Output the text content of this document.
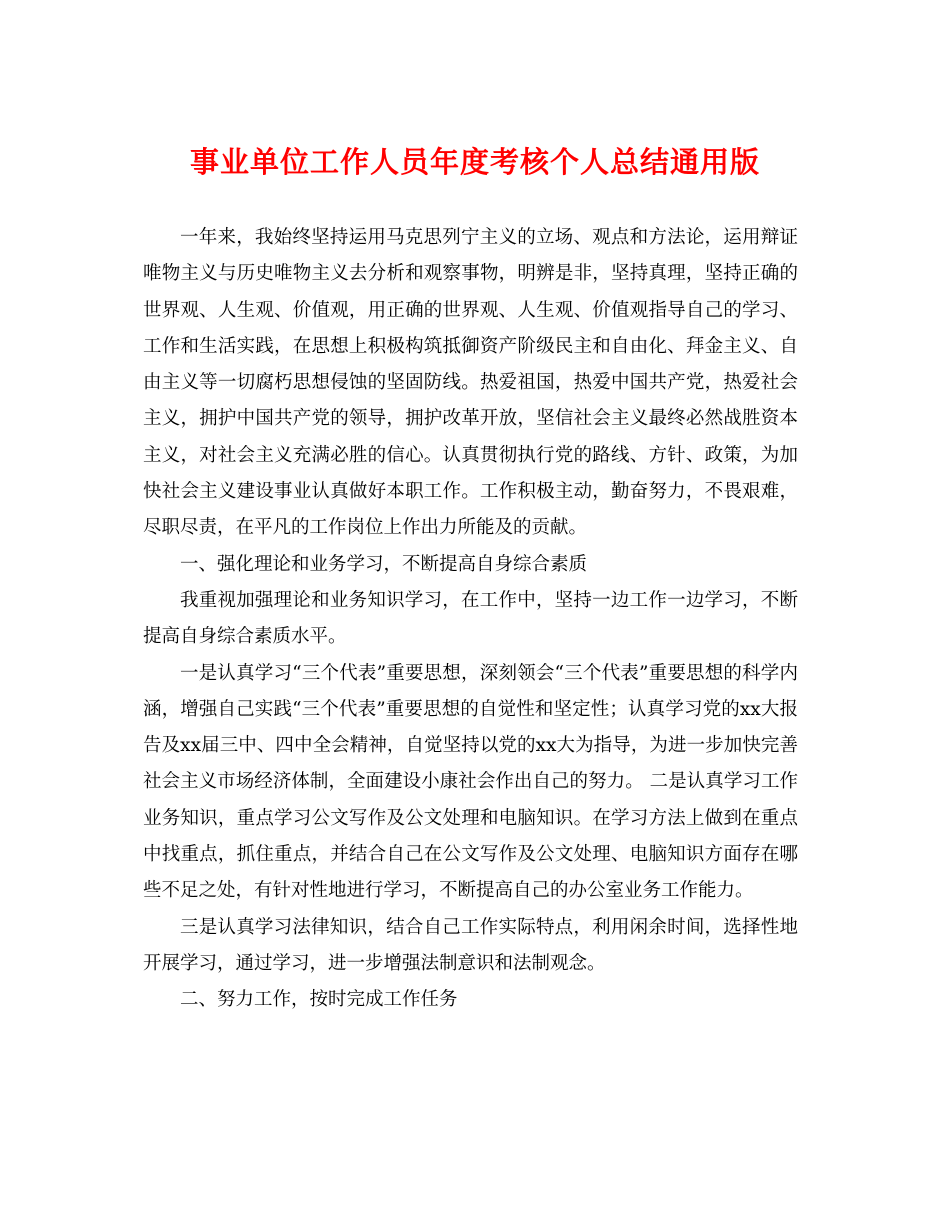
事业单位工作人员年度考核个人总结通用版

一年来，我始终坚持运用马克思列宁主义的立场、观点和方法论，运用辩证唯物主义与历史唯物主义去分析和观察事物，明辨是非，坚持真理，坚持正确的世界观、人生观、价值观，用正确的世界观、人生观、价值观指导自己的学习、工作和生活实践，在思想上积极构筑抵御资产阶级民主和自由化、拜金主义、自由主义等一切腐朽思想侵蚀的坚固防线。热爱祖国，热爱中国共产党，热爱社会主义，拥护中国共产党的领导，拥护改革开放，坚信社会主义最终必然战胜资本主义，对社会主义充满必胜的信心。认真贯彻执行党的路线、方针、政策，为加快社会主义建设事业认真做好本职工作。工作积极主动，勤奋努力，不畏艰难，尽职尽责，在平凡的工作岗位上作出力所能及的贡献。

一、强化理论和业务学习，不断提高自身综合素质

我重视加强理论和业务知识学习，在工作中，坚持一边工作一边学习，不断提高自身综合素质水平。

一是认真学习“三个代表”重要思想，深刻领会“三个代表”重要思想的科学内涵，增强自己实践“三个代表”重要思想的自觉性和坚定性；认真学习党的xx大报告及xx届三中、四中全会精神，自觉坚持以党的xx大为指导，为进一步加快完善社会主义市场经济体制，全面建设小康社会作出自己的努力。 二是认真学习工作业务知识，重点学习公文写作及公文处理和电脑知识。在学习方法上做到在重点中找重点，抓住重点，并结合自己在公文写作及公文处理、电脑知识方面存在哪些不足之处，有针对性地进行学习，不断提高自己的办公室业务工作能力。

三是认真学习法律知识，结合自己工作实际特点，利用闲余时间，选择性地开展学习，通过学习，进一步增强法制意识和法制观念。

二、努力工作，按时完成工作任务
